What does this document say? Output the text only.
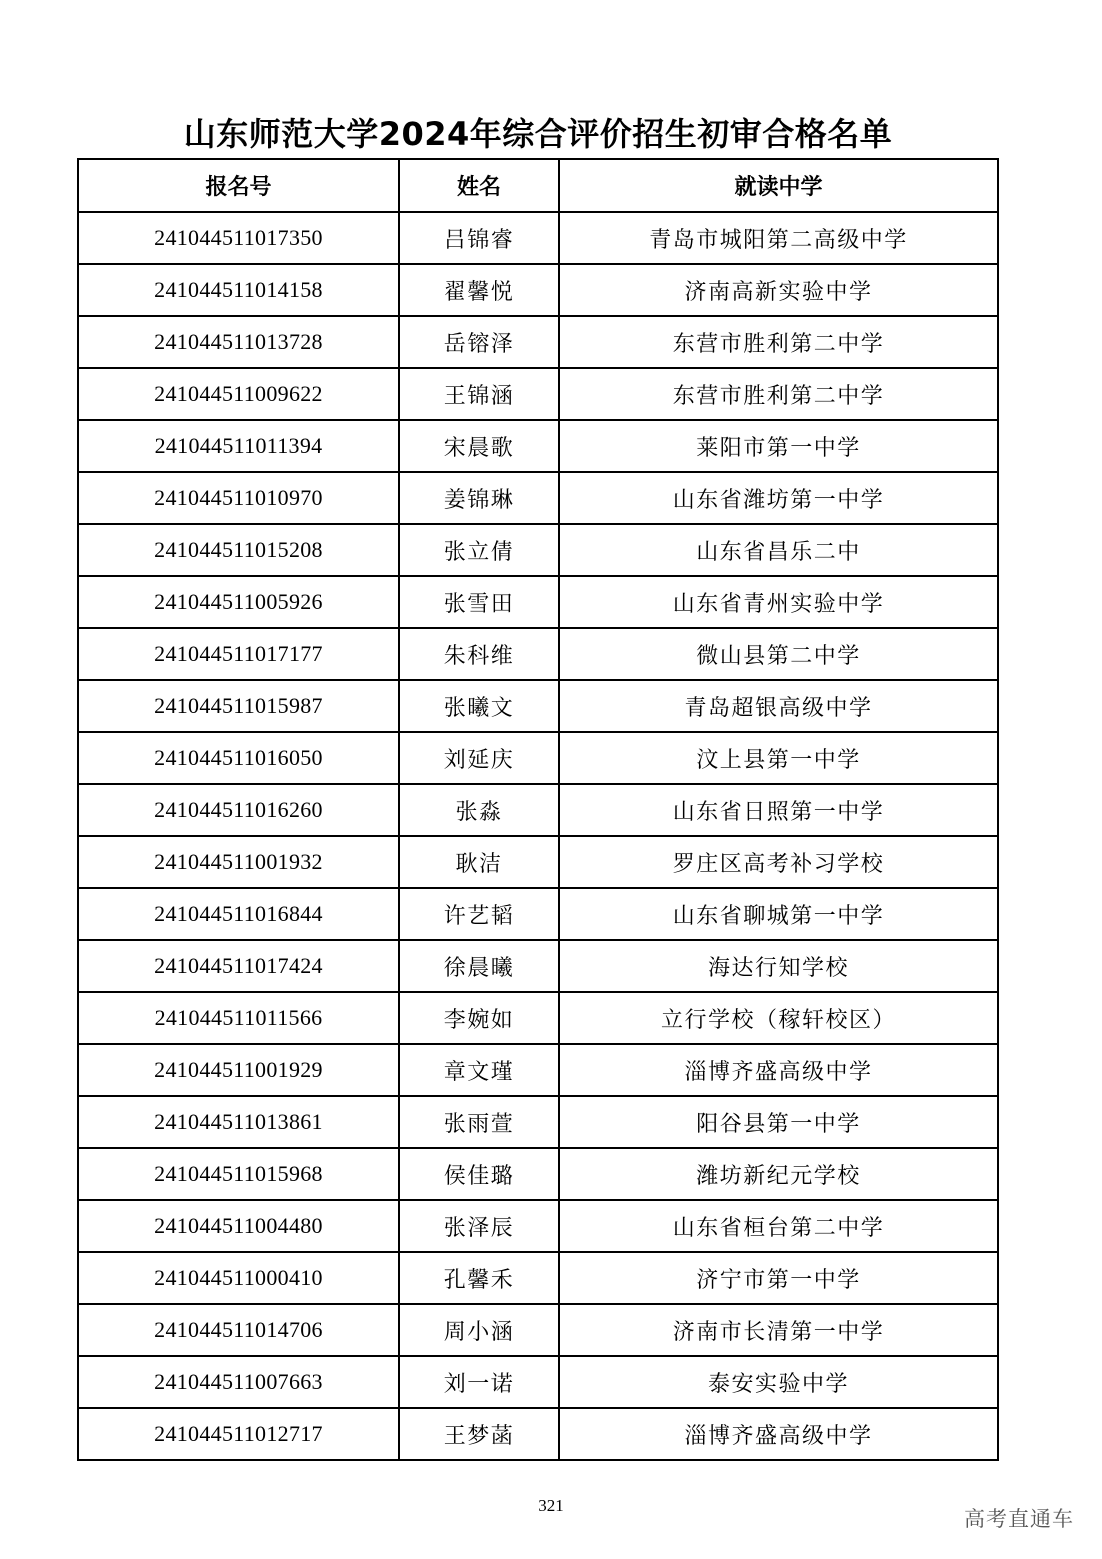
山东师范大学2024年综合评价招生初审合格名单
报名号	姓名	就读中学
241044511017350	吕锦睿	青岛市城阳第二高级中学
241044511014158	翟馨悦	济南高新实验中学
241044511013728	岳镕泽	东营市胜利第二中学
241044511009622	王锦涵	东营市胜利第二中学
241044511011394	宋晨歌	莱阳市第一中学
241044511010970	姜锦琳	山东省潍坊第一中学
241044511015208	张立倩	山东省昌乐二中
241044511005926	张雪田	山东省青州实验中学
241044511017177	朱科维	微山县第二中学
241044511015987	张曦文	青岛超银高级中学
241044511016050	刘延庆	汶上县第一中学
241044511016260	张淼	山东省日照第一中学
241044511001932	耿洁	罗庄区高考补习学校
241044511016844	许艺韬	山东省聊城第一中学
241044511017424	徐晨曦	海达行知学校
241044511011566	李婉如	立行学校（稼轩校区）
241044511001929	章文瑾	淄博齐盛高级中学
241044511013861	张雨萱	阳谷县第一中学
241044511015968	侯佳璐	潍坊新纪元学校
241044511004480	张泽辰	山东省桓台第二中学
241044511000410	孔馨禾	济宁市第一中学
241044511014706	周小涵	济南市长清第一中学
241044511007663	刘一诺	泰安实验中学
241044511012717	王梦菡	淄博齐盛高级中学
321
高考直通车
